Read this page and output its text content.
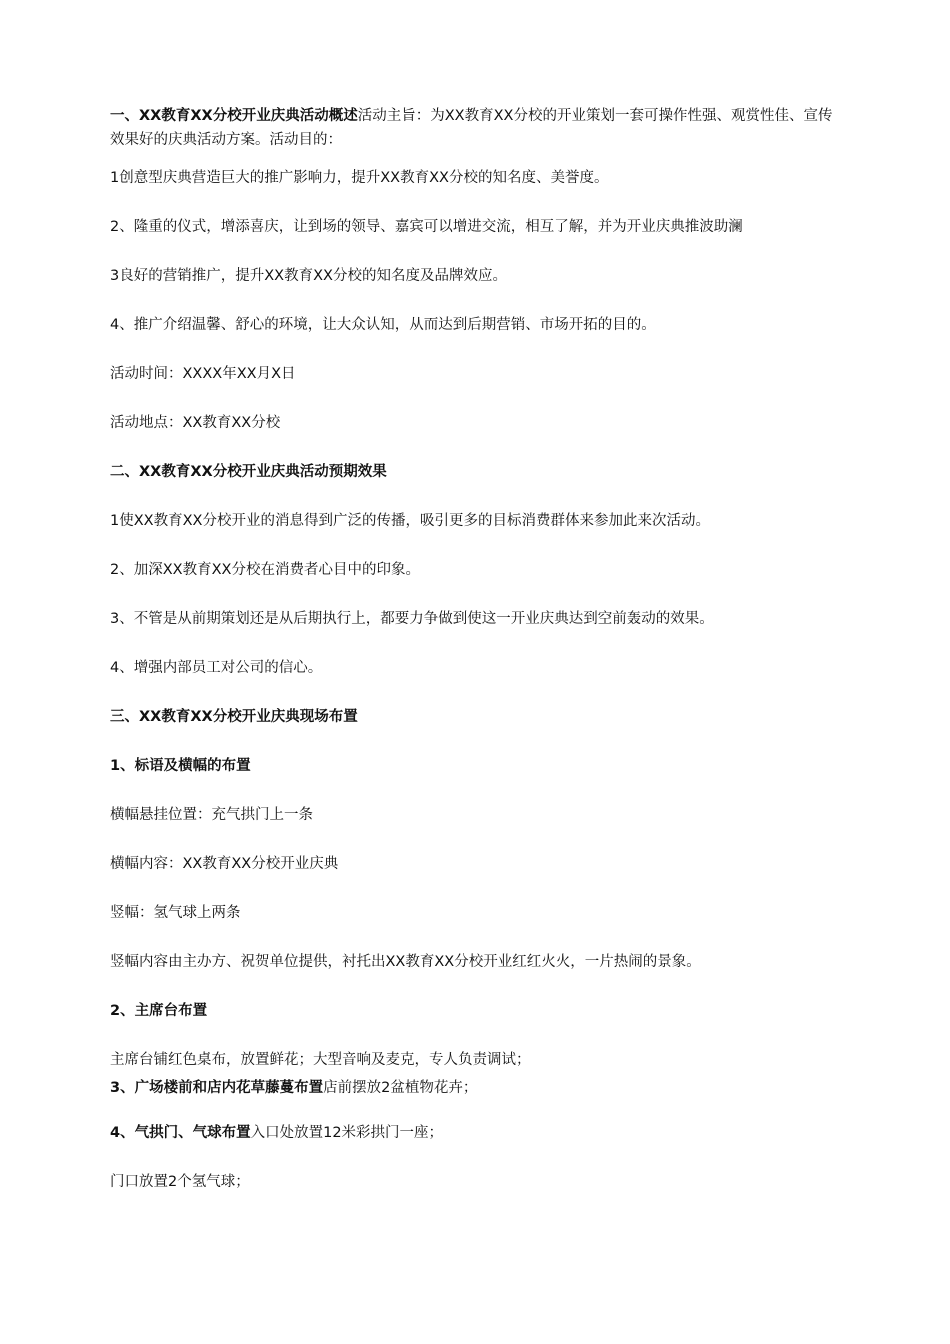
一、XX教育XX分校开业庆典活动概述活动主旨：为XX教育XX分校的开业策划一套可操作性强、观赏性佳、宣传效果好的庆典活动方案。活动目的：
1创意型庆典营造巨大的推广影响力，提升XX教育XX分校的知名度、美誉度。
2、隆重的仪式，增添喜庆，让到场的领导、嘉宾可以增进交流，相互了解，并为开业庆典推波助澜
3良好的营销推广，提升XX教育XX分校的知名度及品牌效应。
4、推广介绍温馨、舒心的环境，让大众认知，从而达到后期营销、市场开拓的目的。
活动时间：XXXX年XX月X日
活动地点：XX教育XX分校
二、XX教育XX分校开业庆典活动预期效果
1使XX教育XX分校开业的消息得到广泛的传播，吸引更多的目标消费群体来参加此来次活动。
2、加深XX教育XX分校在消费者心目中的印象。
3、不管是从前期策划还是从后期执行上，都要力争做到使这一开业庆典达到空前轰动的效果。
4、增强内部员工对公司的信心。
三、XX教育XX分校开业庆典现场布置
1、标语及横幅的布置
横幅悬挂位置：充气拱门上一条
横幅内容：XX教育XX分校开业庆典
竖幅：氢气球上两条
竖幅内容由主办方、祝贺单位提供，衬托出XX教育XX分校开业红红火火，一片热闹的景象。
2、主席台布置
主席台铺红色桌布，放置鲜花；大型音响及麦克，专人负责调试；
3、广场楼前和店内花草藤蔓布置店前摆放2盆植物花卉；
4、气拱门、气球布置入口处放置12米彩拱门一座；
门口放置2个氢气球；
